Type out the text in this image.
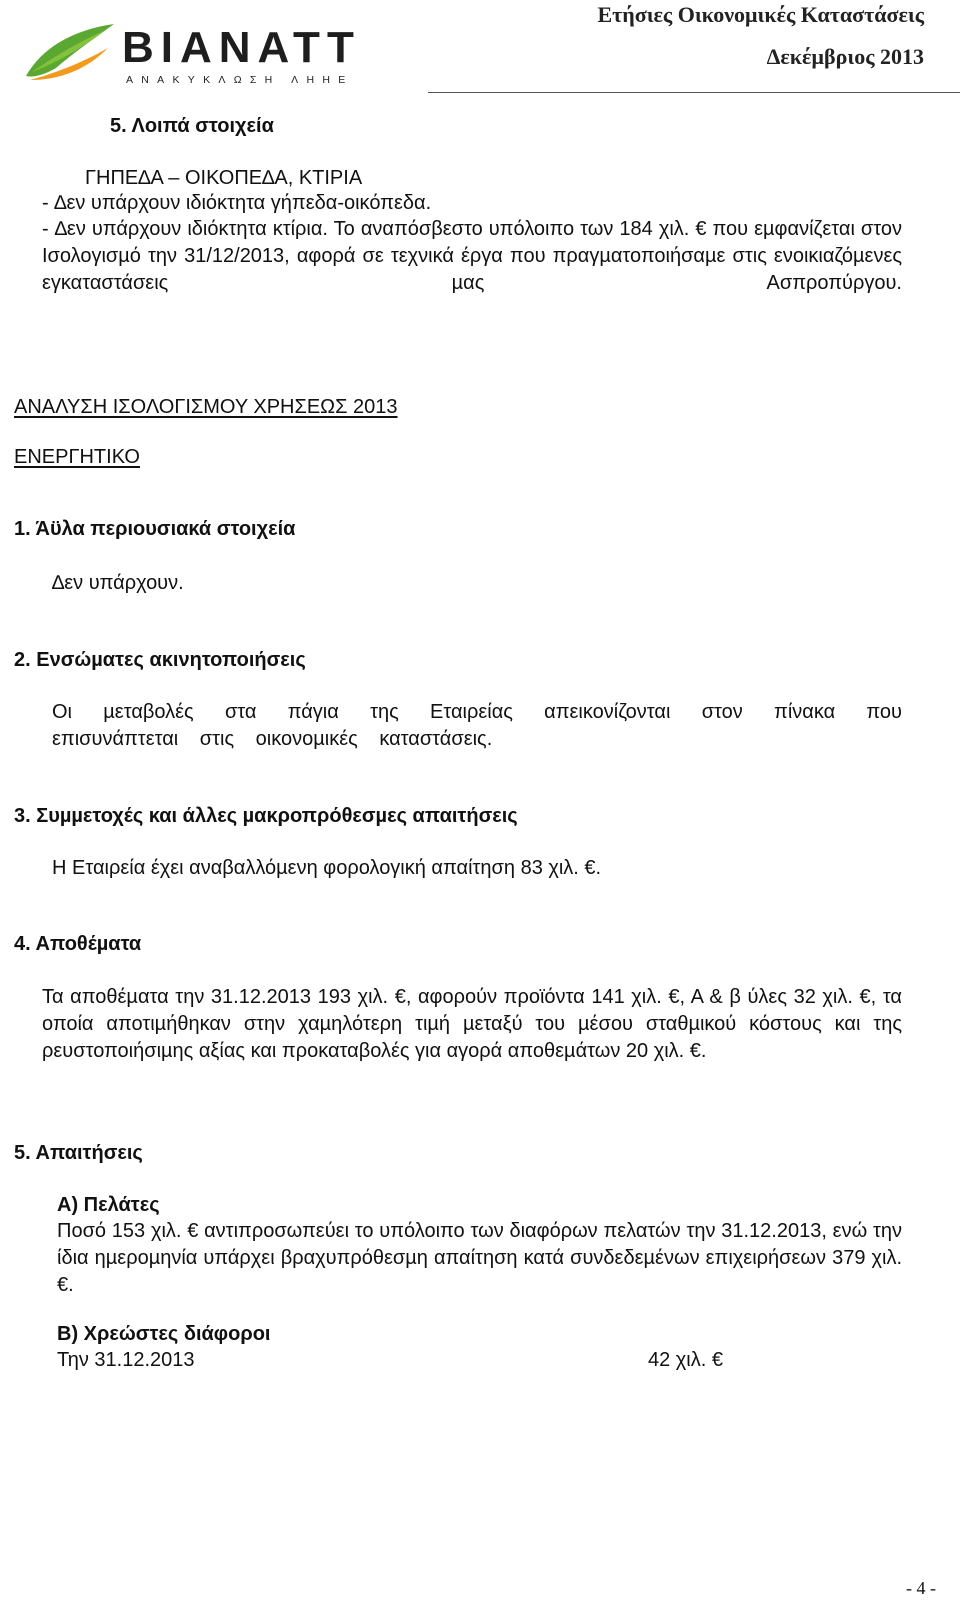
BIANATT
ΑΝΑΚΥΚΛΩΣΗ ΛΗΗΕ
Ετήσιες Οικονομικές Καταστάσεις
∆εκέµβριος 2013
5. Λοιπά στοιχεία
ΓΗΠΕ∆Α – ΟΙΚΟΠΕ∆Α, ΚΤΙΡΙΑ
- ∆εν υπάρχουν ιδιόκτητα γήπεδα-οικόπεδα.
- ∆εν υπάρχουν ιδιόκτητα κτίρια. Το αναπόσβεστο υπόλοιπο των 184 χιλ. € που εµφανίζεται στον Ισολογισµό την 31/12/2013, αφορά σε τεχνικά έργα που πραγµατοποιήσαµε στις ενοικιαζόµενες εγκαταστάσεις µας Ασπροπύργου.
ΑΝΑΛΥΣΗ ΙΣΟΛΟΓΙΣΜΟΥ ΧΡΗΣΕΩΣ 2013
ΕΝΕΡΓΗΤΙΚΟ
1. Άϋλα περιουσιακά στοιχεία
∆εν υπάρχουν.
2. Ενσώµατες ακινητοποιήσεις
Οι µεταβολές στα πάγια της Εταιρείας απεικονίζονται στον πίνακα που επισυνάπτεται στις οικονοµικές καταστάσεις.
3. Συµµετοχές και άλλες µακροπρόθεσµες απαιτήσεις
Η Εταιρεία έχει αναβαλλόµενη φορολογική απαίτηση 83 χιλ. €.
4. Αποθέµατα
Τα αποθέµατα την 31.12.2013 193 χιλ. €, αφορούν προϊόντα 141 χιλ. €, Α & β ύλες 32 χιλ. €, τα οποία αποτιµήθηκαν στην χαµηλότερη τιµή µεταξύ του µέσου σταθµικού κόστους και της ρευστοποιήσιµης αξίας και προκαταβολές για αγορά αποθεµάτων 20 χιλ. €.
5. Απαιτήσεις
Α) Πελάτες
Ποσό 153 χιλ. € αντιπροσωπεύει το υπόλοιπο των διαφόρων πελατών την 31.12.2013, ενώ την ίδια ηµεροµηνία υπάρχει βραχυπρόθεσµη απαίτηση κατά συνδεδεµένων επιχειρήσεων 379 χιλ. €.
Β) Χρεώστες διάφοροι
Την 31.12.2013	42 χιλ. €
- 4 -
